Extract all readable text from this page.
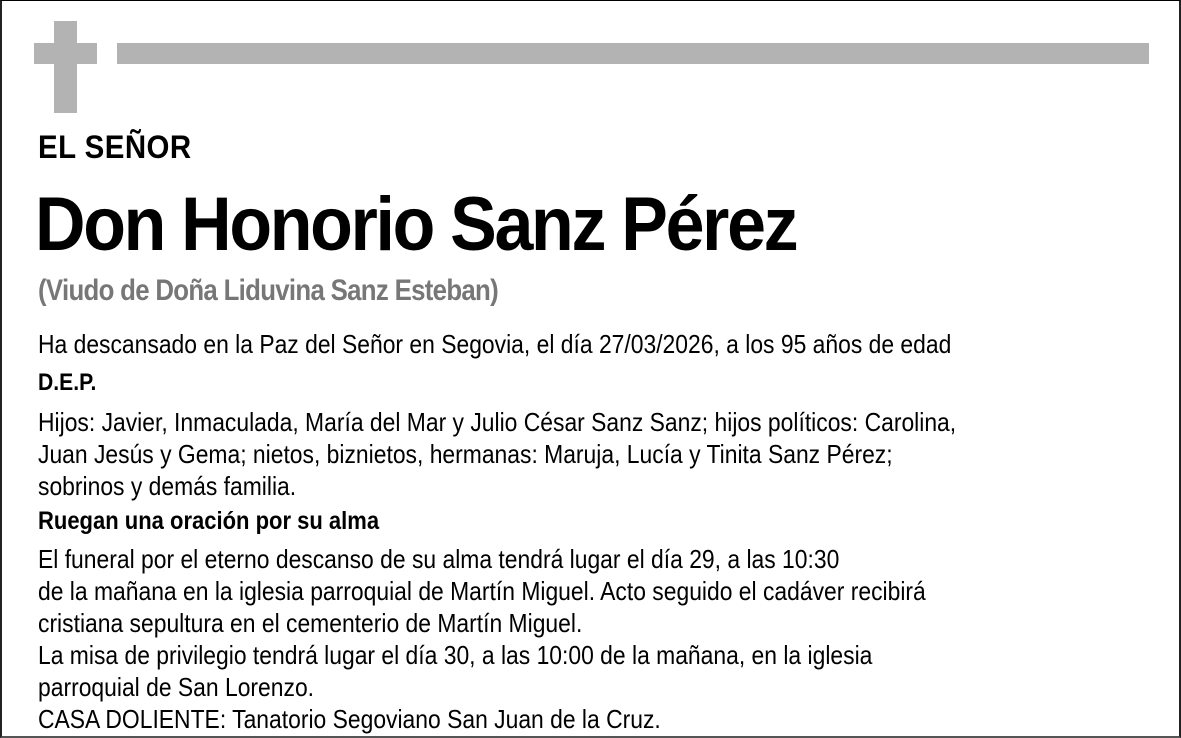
EL SEÑOR
Don Honorio Sanz Pérez
(Viudo de Doña Liduvina Sanz Esteban)
Ha descansado en la Paz del Señor en Segovia, el día 27/03/2026, a los 95 años de edad
D.E.P.
Hijos: Javier, Inmaculada, María del Mar y Julio César Sanz Sanz; hijos políticos: Carolina,
Juan Jesús y Gema; nietos, biznietos, hermanas: Maruja, Lucía y Tinita Sanz Pérez;
sobrinos y demás familia.
Ruegan una oración por su alma
El funeral por el eterno descanso de su alma tendrá lugar el día 29, a las 10:30
de la mañana en la iglesia parroquial de Martín Miguel. Acto seguido el cadáver recibirá
cristiana sepultura en el cementerio de Martín Miguel.
La misa de privilegio tendrá lugar el día 30, a las 10:00 de la mañana, en la iglesia
parroquial de San Lorenzo.
CASA DOLIENTE: Tanatorio Segoviano San Juan de la Cruz.
